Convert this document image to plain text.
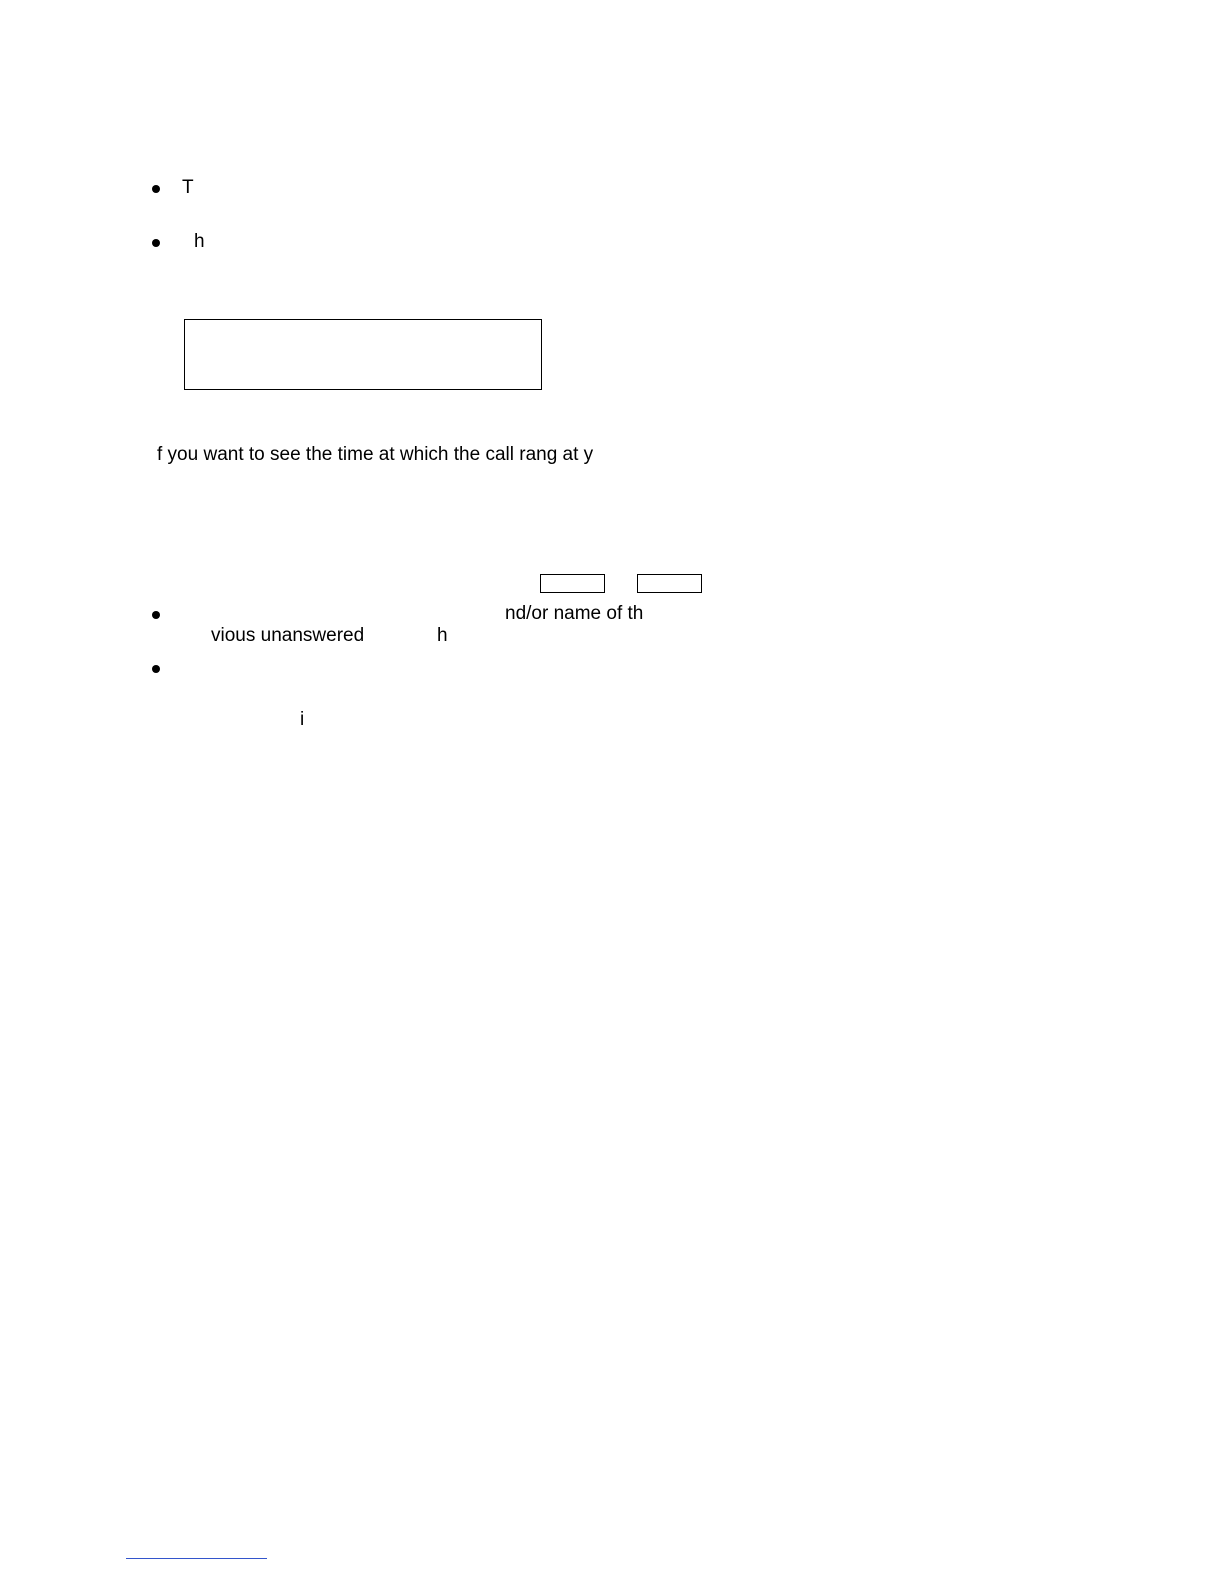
T
h
f you want to see the time at which the call rang at y
nd/or name of th
vious unanswered	h
i
